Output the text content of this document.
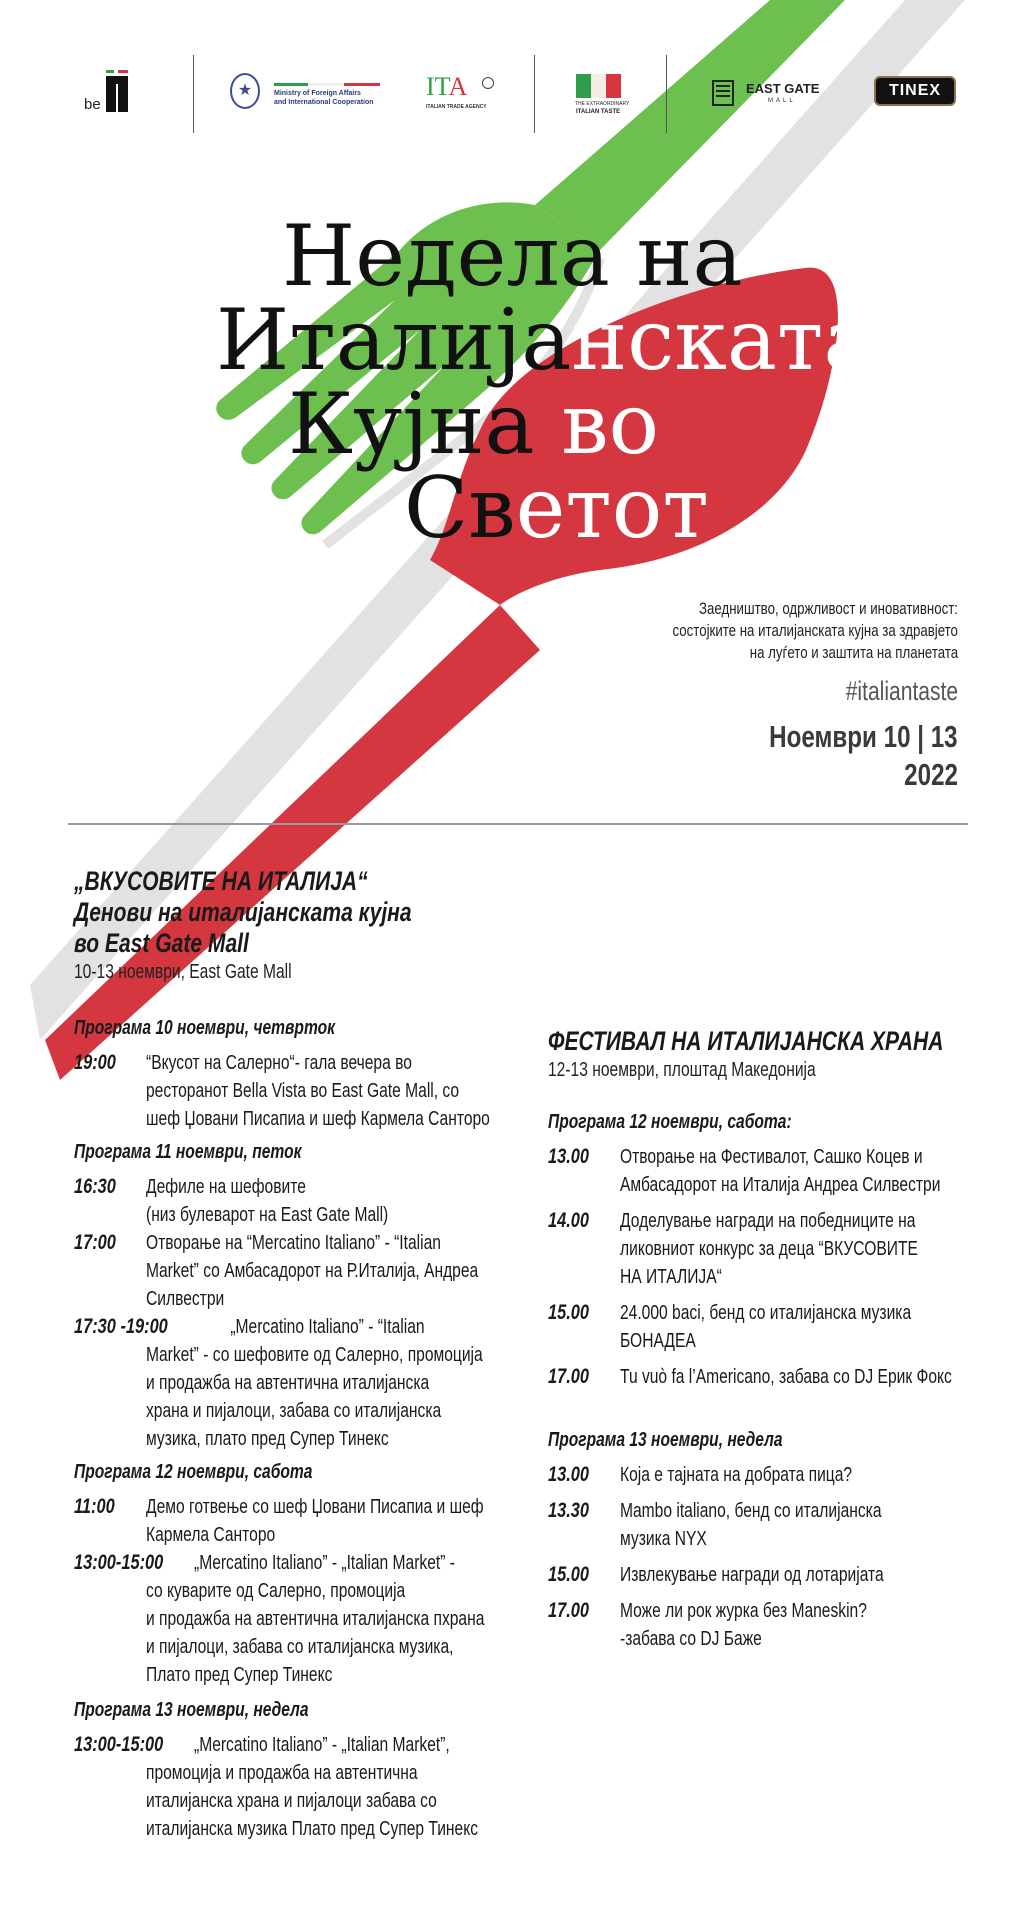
be
★	Ministry of Foreign Affairs
and International Cooperation
ITA
ITALIAN TRADE AGENCY	THE EXTRAORDINARY
ITALIAN TASTE
EAST GATE
MALL
TINEX
Недела на
Италијанската
Кујна во
Светот
Заедништво, одржливост и иновативност:
состојките на италијанската кујна за здравјето
на луѓето и заштита на планетата
#italiantaste
Ноември 10 | 13
2022
„ВКУСОВИТЕ НА ИТАЛИЈА“
Денови на италијанската кујна
во East Gate Mall
10-13 ноември, East Gate Mall
Програма 10 ноември, четврток
19:00	“Вкусот на Салерно“- гала вечера во
ресторанот Bella Vista во East Gate Mall, со
шеф Џовани Писапиа и шеф Кармела Санторо
Програма 11 ноември, петок
16:30	Дефиле на шефовите
(низ булеварот на East Gate Mall)
17:00	Отворање на “Mercatino Italiano” - “Italian
Market” со Амбасадорот на Р.Италија, Андреа
Силвестри
17:30 -19:00	„Mercatino Italiano” - “Italian
Market” - со шефовите од Салерно, промоција
и продажба на автентична италијанска
храна и пијалоци, забава со италијанска
музика, плато пред Супер Тинекс
Програма 12 ноември, сабота
11:00	Демо готвење со шеф Џовани Писапиа и шеф
Кармела Санторо
13:00-15:00	„Mercatino Italiano” - „Italian Market” -
со куварите од Салерно, промоција
и продажба на автентична италијанска пхрана
и пијалоци, забава со италијанска музика,
Плато пред Супер Тинекс
Програма 13 ноември, недела
13:00-15:00	„Mercatino Italiano” - „Italian Market”,
промоција и продажба на автентична
италијанска храна и пијалоци забава со
италијанска музика Плато пред Супер Тинекс
ФЕСТИВАЛ НА ИТАЛИЈАНСКА ХРАНА
12-13 ноември, плоштад Македонија
Програма 12 ноември, сабота:
13.00	Отворање на Фестивалот, Сашко Коцев и
Амбасадорот на Италија Андреа Силвестри
14.00	Доделување награди на победниците на
ликовниот конкурс за деца “ВКУСОВИТЕ
НА ИТАЛИЈА“
15.00	24.000 baci, бенд со италијанска музика
БОНАДЕА
17.00	Tu vuò fa l’Americano, забава со DJ Ерик Фокс
Програма 13 ноември, недела
13.00	Која е тајната на добрата пица?
13.30	Mambo italiano, бенд со италијанска
музика NYX
15.00	Извлекување награди од лотаријата
17.00	Може ли рок журка без Maneskin?
-забава со DJ Баже
